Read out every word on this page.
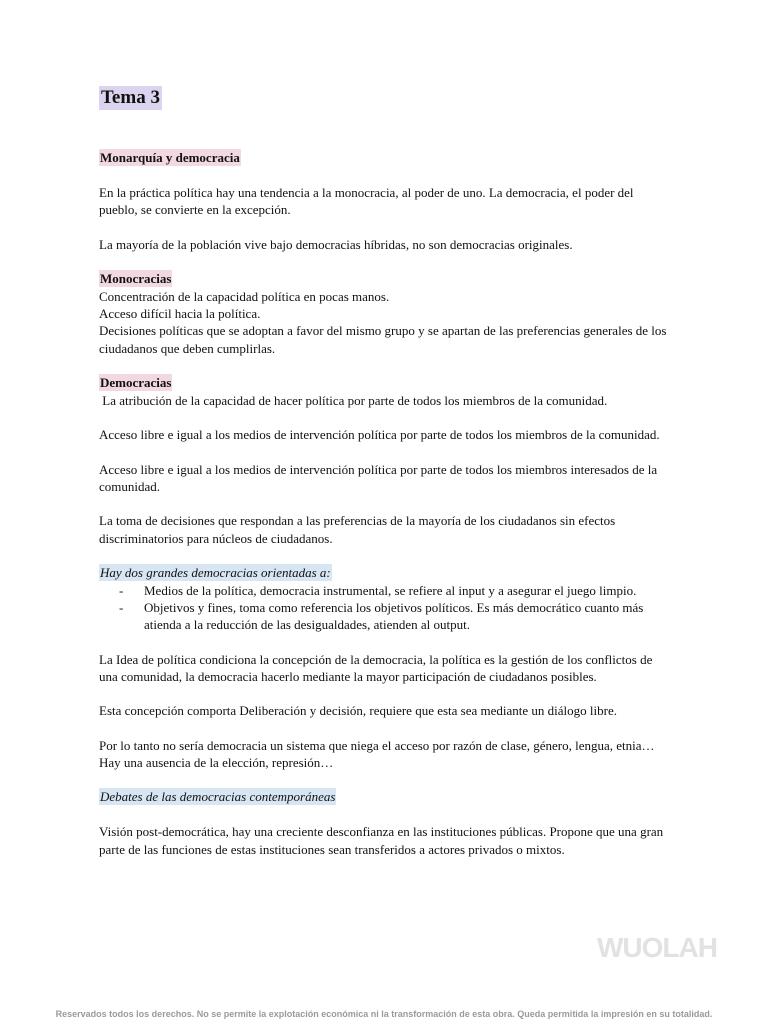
Tema 3
Monarquía y democracia

En la práctica política hay una tendencia a la monocracia, al poder de uno. La democracia, el poder del pueblo, se convierte en la excepción.

La mayoría de la población vive bajo democracias híbridas, no son democracias originales.

Monocracias

Concentración de la capacidad política en pocas manos.

Acceso difícil hacia la política.

Decisiones políticas que se adoptan a favor del mismo grupo y se apartan de las preferencias generales de los ciudadanos que deben cumplirlas.

Democracias

La atribución de la capacidad de hacer política por parte de todos los miembros de la comunidad.

Acceso libre e igual a los medios de intervención política por parte de todos los miembros de la comunidad.

Acceso libre e igual a los medios de intervención política por parte de todos los miembros interesados de la comunidad.

La toma de decisiones que respondan a las preferencias de la mayoría de los ciudadanos sin efectos discriminatorios para núcleos de ciudadanos.

Hay dos grandes democracias orientadas a:
- Medios de la política, democracia instrumental, se refiere al input y a asegurar el juego limpio.
- Objetivos y fines, toma como referencia los objetivos políticos. Es más democrático cuanto más atienda a la reducción de las desigualdades, atienden al output.

La Idea de política condiciona la concepción de la democracia, la política es la gestión de los conflictos de una comunidad, la democracia hacerlo mediante la mayor participación de ciudadanos posibles.

Esta concepción comporta Deliberación y decisión, requiere que esta sea mediante un diálogo libre.

Por lo tanto no sería democracia un sistema que niega el acceso por razón de clase, género, lengua, etnia… Hay una ausencia de la elección, represión…

Debates de las democracias contemporáneas

Visión post-democrática, hay una creciente desconfianza en las instituciones públicas. Propone que una gran parte de las funciones de estas instituciones sean transferidos a actores privados o mixtos.

WUOLAH
Reservados todos los derechos. No se permite la explotación económica ni la transformación de esta obra. Queda permitida la impresión en su totalidad.
